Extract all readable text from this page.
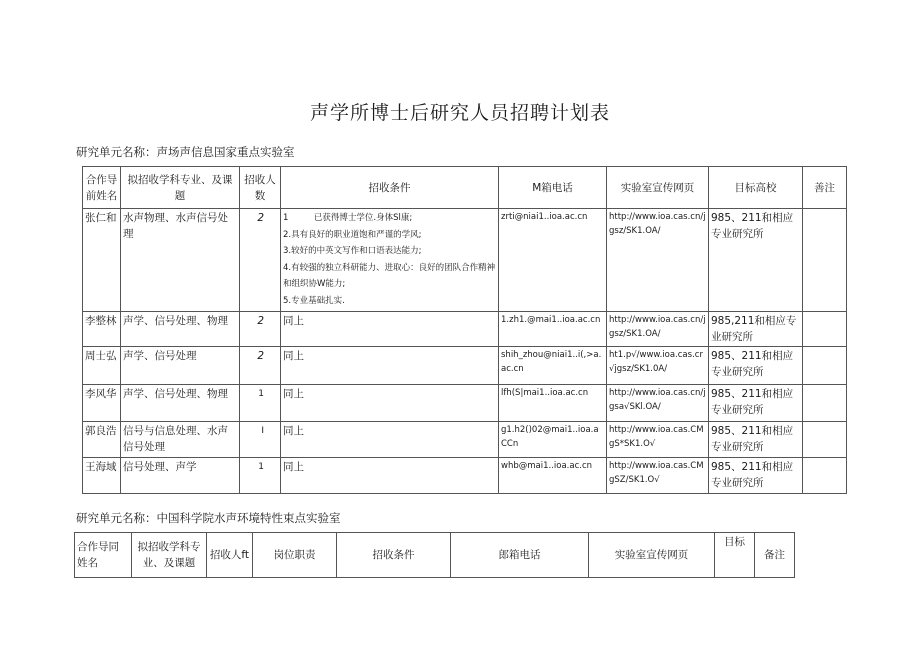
声学所博士后研究人员招聘计划表
研究单元名称：声场声信息国家重点实验室
合作导前姓名	拟招收学科专业、及课题	招收人数	招收条件	M箱电话	实验室宣传网页	目标高校	善注
张仁和	水声物理、水声信号处理	2	1　　　已获得博士学位.身体Sl康;
2.具有良好的职业道饱和严谨的学风;
3.较好的中英文写作和口语表达能力;
4.有较强的独立科研能力、进取心：良好的团队合作精神和组织协W能力;
5.专业基础扎实.	zrti@niai1..ioa.ac.cn	http://www.ioa.cas.cn/jgsz/SK1.OA/	985、211和相应专业研究所	
李整林	声学、信号处理、物理	2	同上	1.zh1.@mai1..ioa.ac.cn	http://www.ioa.cas.cn/jgsz/SK1.OA/	985,211和相应专业研究所	
周士弘	声学、信号处理	2	同上	shih_zhou@niai1..i(,>a.ac.cn	ht1.p√/www.ioa.cas.cr√jgsz/SK1.0A/	985、211和相应专业研究所	
李风华	声学、信号处理、物理	1	同上	lfh(S|mai1..ioa.ac.cn	http://www.ioa.cas.cn/jgsa√SKl.OA/	985、211和相应专业研究所	
郭良浩	信号与信息处理、水声信号处理	I	同上	g1.h2()02@mai1..ioa.aCCn	http://www.ioa.cas.CMgS*SK1.O√	985、211和相应专业研究所	
王海域	信号处理、声学	1	同上	whb@mai1..ioa.ac.cn	http://www.ioa.cas.CMgSZ/SK1.O√	985、211和相应专业研究所	
研究单元名称：中国科学院水声环境特性束点实验室
合作导同姓名	拟招收学科专业、及课题	招收人ft	岗位职责	招收条件	郎箱电话	实验室宣传网页	目标	备注
